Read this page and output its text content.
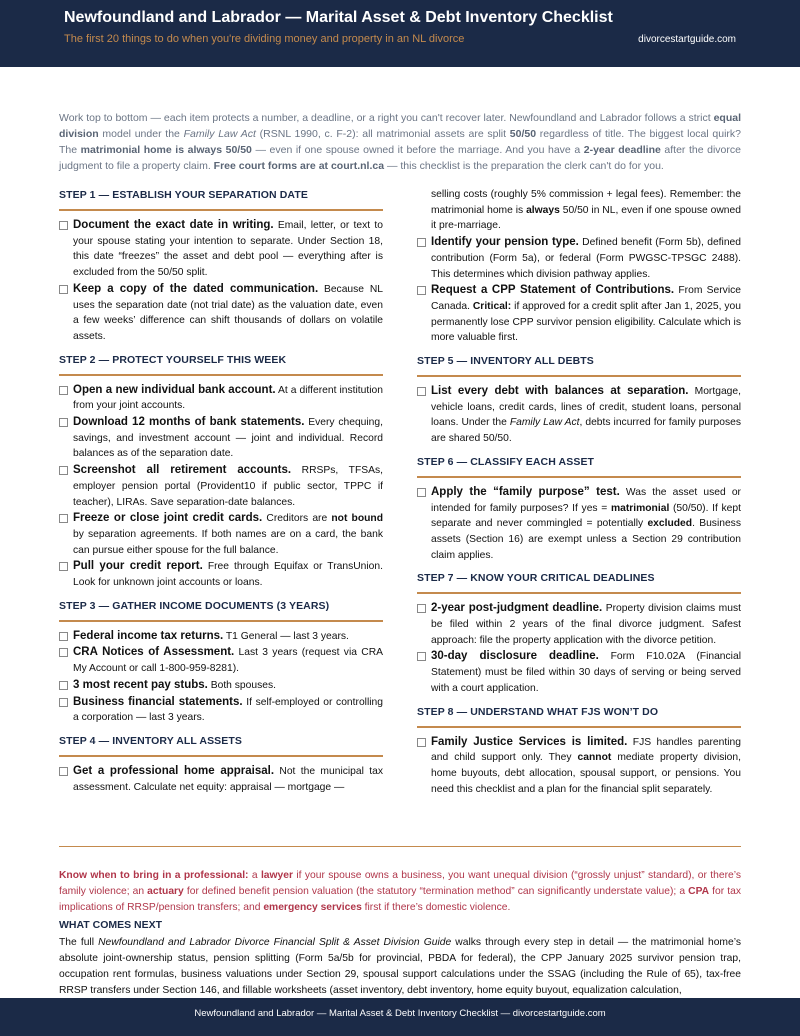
Newfoundland and Labrador — Marital Asset & Debt Inventory Checklist
The first 20 things to do when you're dividing money and property in an NL divorce	divorcestartguide.com
Work top to bottom — each item protects a number, a deadline, or a right you can't recover later. Newfoundland and Labrador follows a strict equal division model under the Family Law Act (RSNL 1990, c. F-2): all matrimonial assets are split 50/50 regardless of title. The biggest local quirk? The matrimonial home is always 50/50 — even if one spouse owned it before the marriage. And you have a 2-year deadline after the divorce judgment to file a property claim. Free court forms are at court.nl.ca — this checklist is the preparation the clerk can't do for you.
STEP 1 — ESTABLISH YOUR SEPARATION DATE
Document the exact date in writing. Email, letter, or text to your spouse stating your intention to separate. Under Section 18, this date “freezes” the asset and debt pool — everything after is excluded from the 50/50 split.
Keep a copy of the dated communication. Because NL uses the separation date (not trial date) as the valuation date, even a few weeks’ difference can shift thousands of dollars on volatile assets.
STEP 2 — PROTECT YOURSELF THIS WEEK
Open a new individual bank account. At a different institution from your joint accounts.
Download 12 months of bank statements. Every chequing, savings, and investment account — joint and individual. Record balances as of the separation date.
Screenshot all retirement accounts. RRSPs, TFSAs, employer pension portal (Provident10 if public sector, TPPC if teacher), LIRAs. Save separation-date balances.
Freeze or close joint credit cards. Creditors are not bound by separation agreements. If both names are on a card, the bank can pursue either spouse for the full balance.
Pull your credit report. Free through Equifax or TransUnion. Look for unknown joint accounts or loans.
STEP 3 — GATHER INCOME DOCUMENTS (3 YEARS)
Federal income tax returns. T1 General — last 3 years.
CRA Notices of Assessment. Last 3 years (request via CRA My Account or call 1-800-959-8281).
3 most recent pay stubs. Both spouses.
Business financial statements. If self-employed or controlling a corporation — last 3 years.
STEP 4 — INVENTORY ALL ASSETS
Get a professional home appraisal. Not the municipal tax assessment. Calculate net equity: appraisal — mortgage —
selling costs (roughly 5% commission + legal fees). Remember: the matrimonial home is always 50/50 in NL, even if one spouse owned it pre-marriage.
Identify your pension type. Defined benefit (Form 5b), defined contribution (Form 5a), or federal (Form PWGSC-TPSGC 2488). This determines which division pathway applies.
Request a CPP Statement of Contributions. From Service Canada. Critical: if approved for a credit split after Jan 1, 2025, you permanently lose CPP survivor pension eligibility. Calculate which is more valuable first.
STEP 5 — INVENTORY ALL DEBTS
List every debt with balances at separation. Mortgage, vehicle loans, credit cards, lines of credit, student loans, personal loans. Under the Family Law Act, debts incurred for family purposes are shared 50/50.
STEP 6 — CLASSIFY EACH ASSET
Apply the “family purpose” test. Was the asset used or intended for family purposes? If yes = matrimonial (50/50). If kept separate and never commingled = potentially excluded. Business assets (Section 16) are exempt unless a Section 29 contribution claim applies.
STEP 7 — KNOW YOUR CRITICAL DEADLINES
2-year post-judgment deadline. Property division claims must be filed within 2 years of the final divorce judgment. Safest approach: file the property application with the divorce petition.
30-day disclosure deadline. Form F10.02A (Financial Statement) must be filed within 30 days of serving or being served with a court application.
STEP 8 — UNDERSTAND WHAT FJS WON’T DO
Family Justice Services is limited. FJS handles parenting and child support only. They cannot mediate property division, home buyouts, debt allocation, spousal support, or pensions. You need this checklist and a plan for the financial split separately.
Know when to bring in a professional: a lawyer if your spouse owns a business, you want unequal division (“grossly unjust” standard), or there’s family violence; an actuary for defined benefit pension valuation (the statutory “termination method” can significantly understate value); a CPA for tax implications of RRSP/pension transfers; and emergency services first if there’s domestic violence.
WHAT COMES NEXT
The full Newfoundland and Labrador Divorce Financial Split & Asset Division Guide walks through every step in detail — the matrimonial home’s absolute joint-ownership status, pension splitting (Form 5a/5b for provincial, PBDA for federal), the CPP January 2025 survivor pension trap, occupation rent formulas, business valuations under Section 29, spousal support calculations under the SSAG (including the Rule of 65), tax-free RRSP transfers under Section 146, and fillable worksheets (asset inventory, debt inventory, home equity buyout, equalization calculation,
Newfoundland and Labrador — Marital Asset & Debt Inventory Checklist — divorcestartguide.com
